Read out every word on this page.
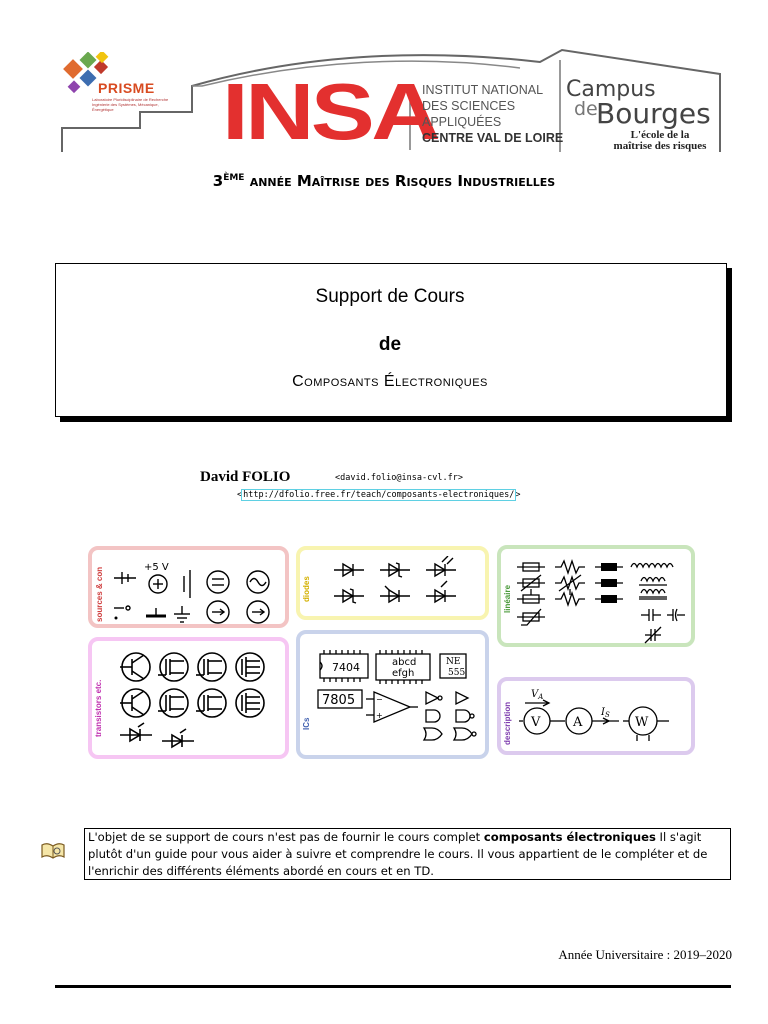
PRISME
Laboratoire Pluridisciplinaire de Recherche Ingénierie des Systèmes, Mécanique, Énergétique	INSA
INSTITUT NATIONAL
DES SCIENCES
APPLIQUÉES
CENTRE VAL DE LOIRE
Campus
de
Bourges
L'école de la
maîtrise des risques
3ÈME année Maîtrise des Risques Industrielles
Support de Cours
de
Composants Électroniques
David FOLIO	<david.folio@insa-cvl.fr>
<http://dfolio.free.fr/teach/composants-electroniques/>
sources & con	+5 V
diodes	linéaire
transistors etc.	ICs
7404	abcd
efgh
NE
555
7805	−
+	description V	A	W
$V_A$
$I_S$
L'objet de se support de cours n'est pas de fournir le cours complet composants électroniques Il s'agit plutôt d'un guide pour vous aider à suivre et comprendre le cours. Il vous appartient de le compléter et de l'enrichir des différents éléments abordé en cours et en TD.
Année Universitaire : 2019–2020
